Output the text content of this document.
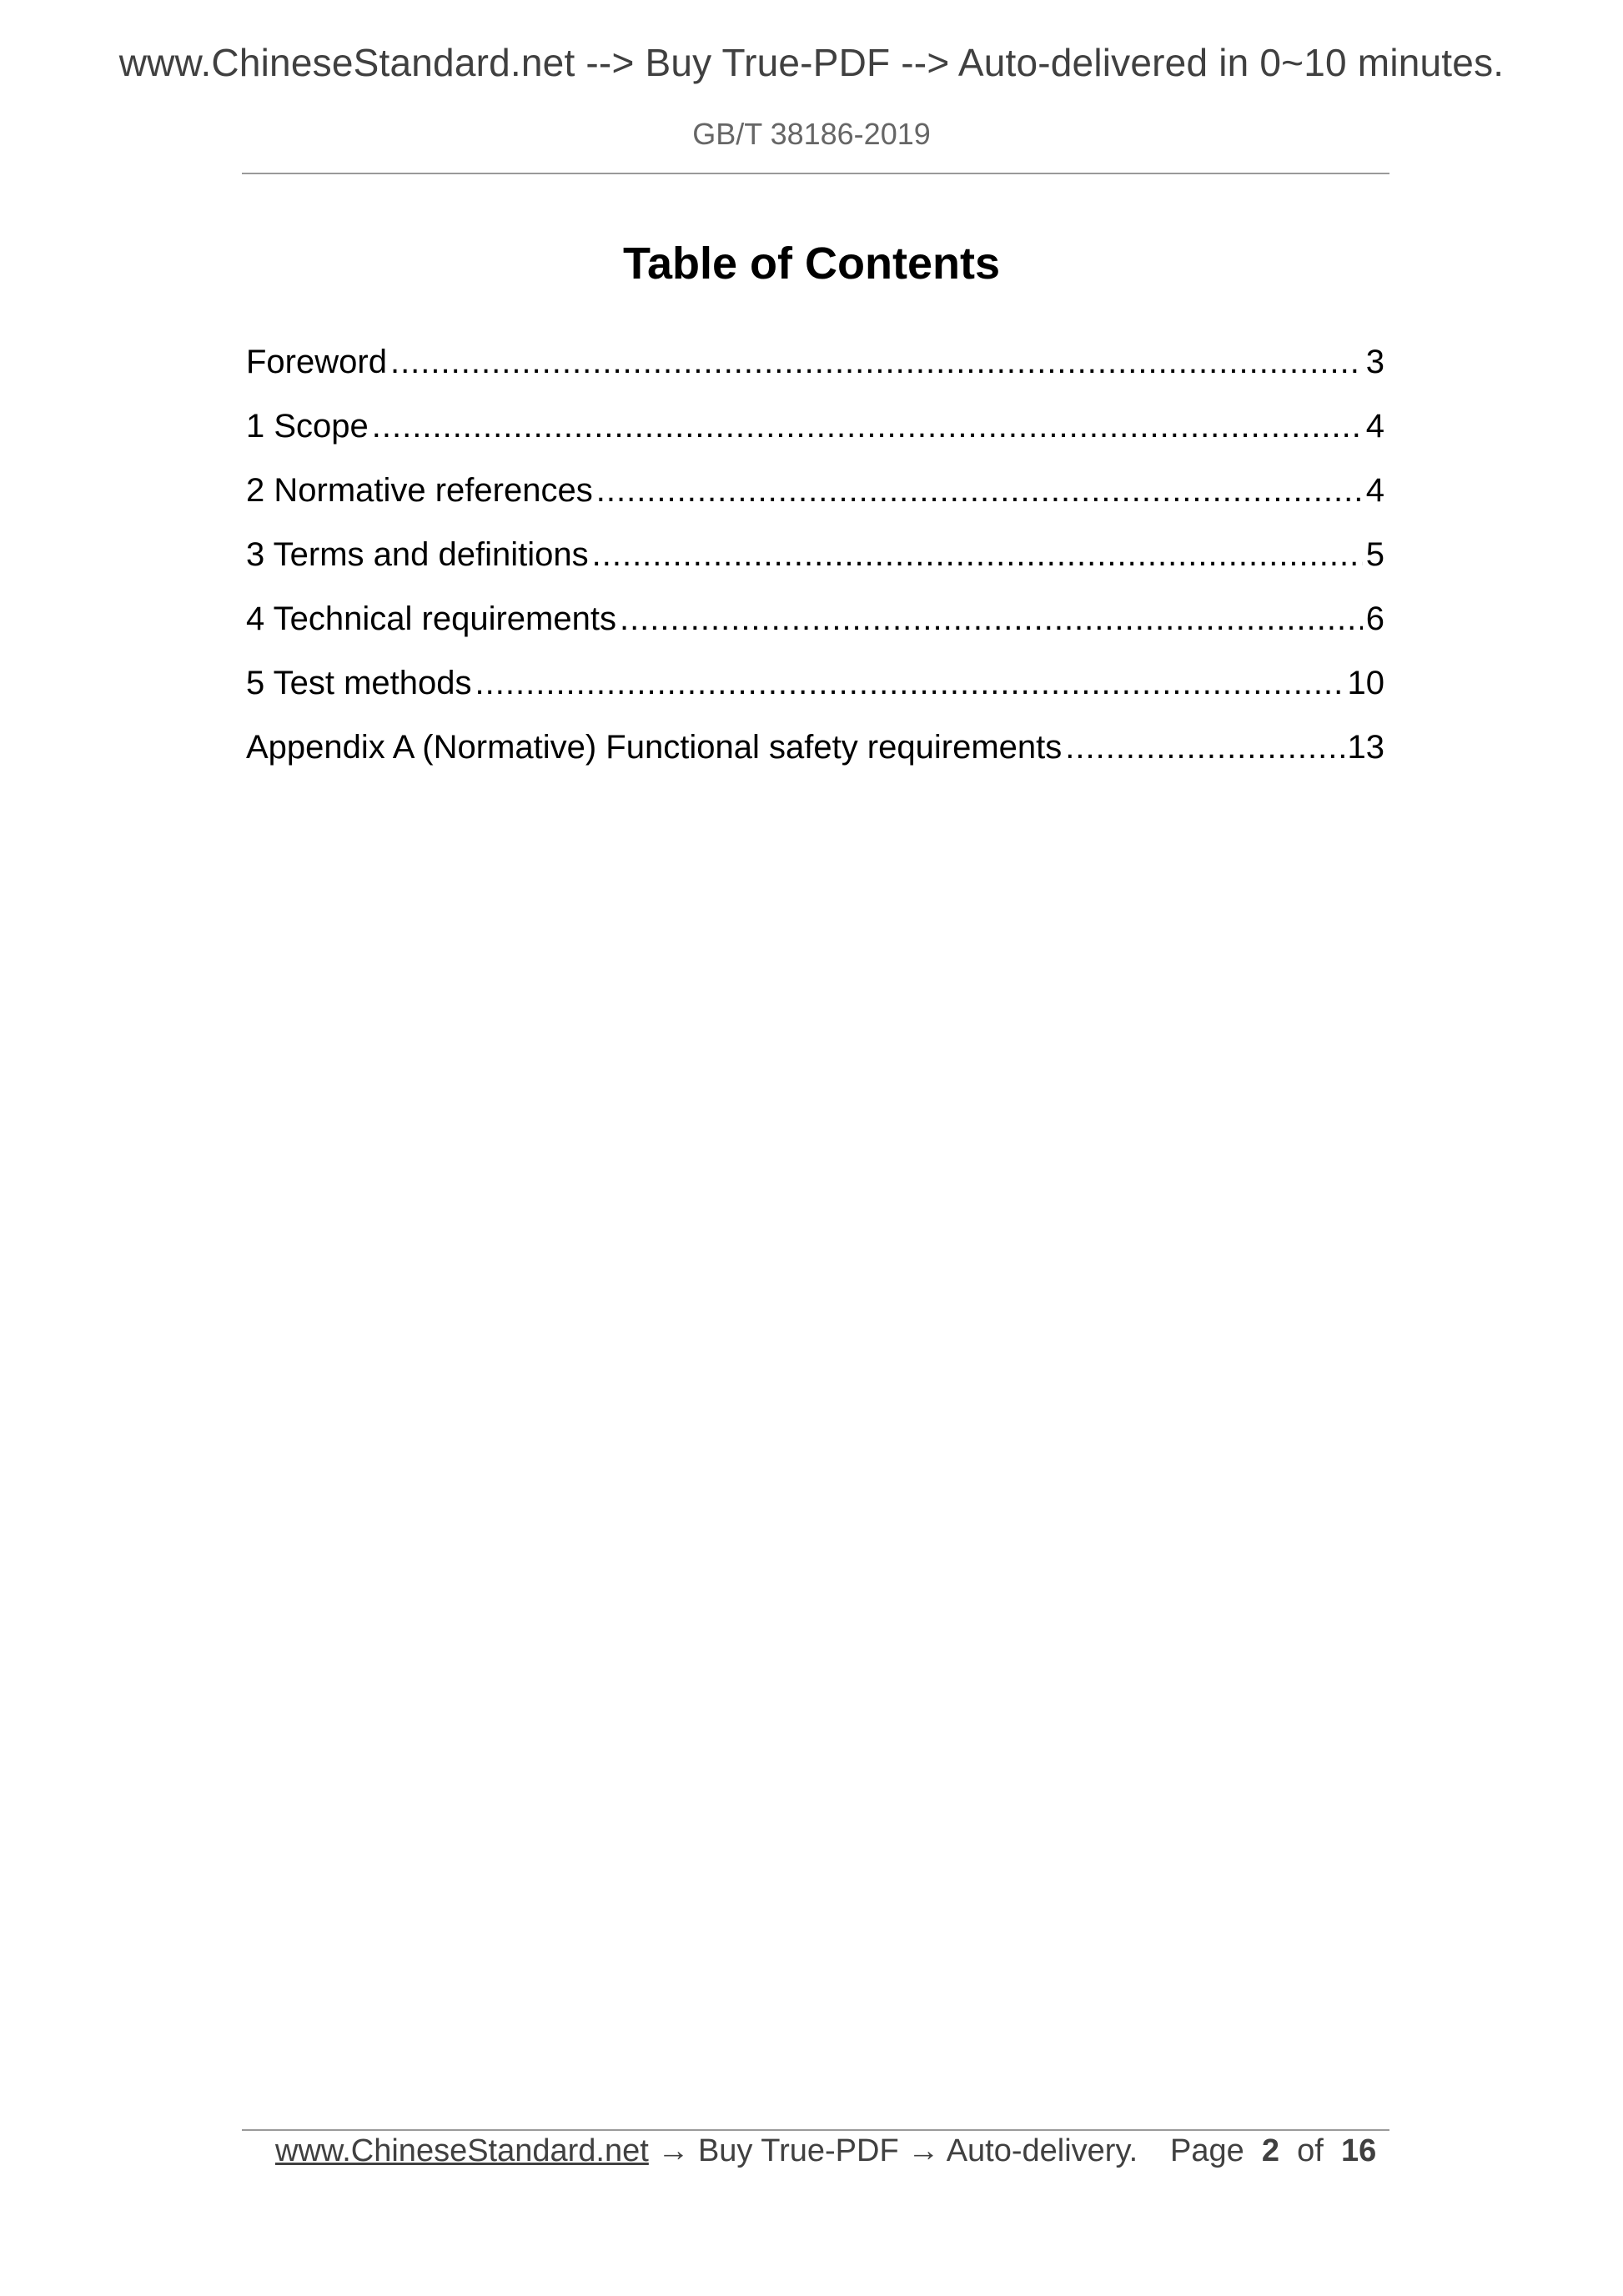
www.ChineseStandard.net --> Buy True-PDF --> Auto-delivered in 0~10 minutes.
GB/T 38186-2019
Table of Contents
Foreword .....	3
1 Scope .....	4
2 Normative references .....	4
3 Terms and definitions .....	5
4 Technical requirements .....	6
5 Test methods .....	10
Appendix A (Normative) Functional safety requirements .....	13
www.ChineseStandard.net → Buy True-PDF → Auto-delivery. Page 2 of 16
